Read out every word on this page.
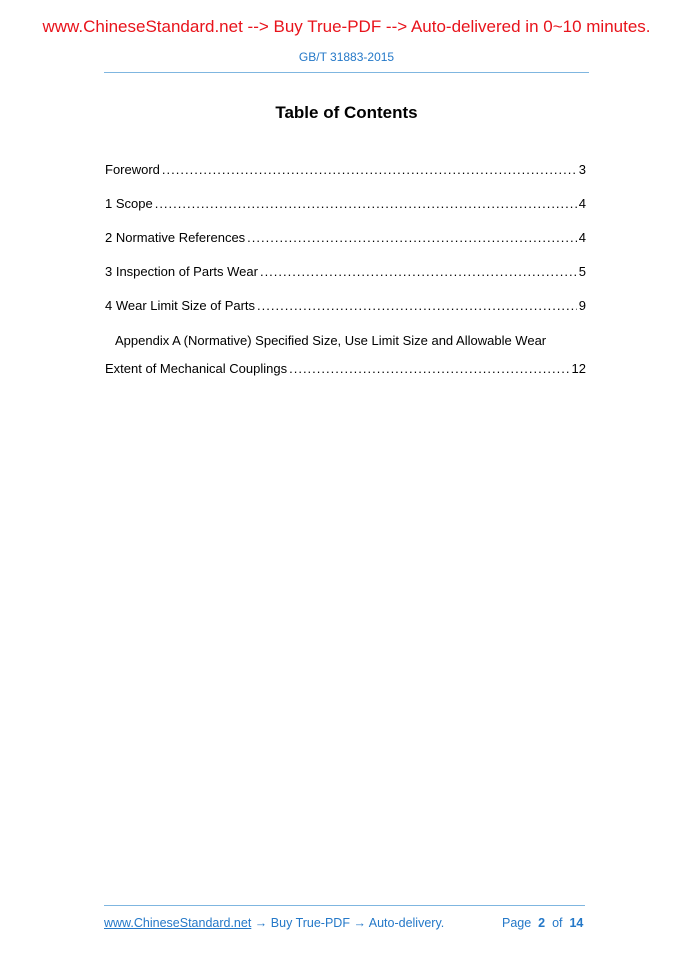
www.ChineseStandard.net --> Buy True-PDF --> Auto-delivered in 0~10 minutes.
GB/T 31883-2015
Table of Contents
Foreword .....	3
1 Scope .....	4
2 Normative References .....	4
3 Inspection of Parts Wear .....	5
4 Wear Limit Size of Parts .....	9
Appendix A (Normative) Specified Size, Use Limit Size and Allowable Wear
Extent of Mechanical Couplings .....	12
www.ChineseStandard.net → Buy True-PDF → Auto-delivery.	Page 2 of 14
